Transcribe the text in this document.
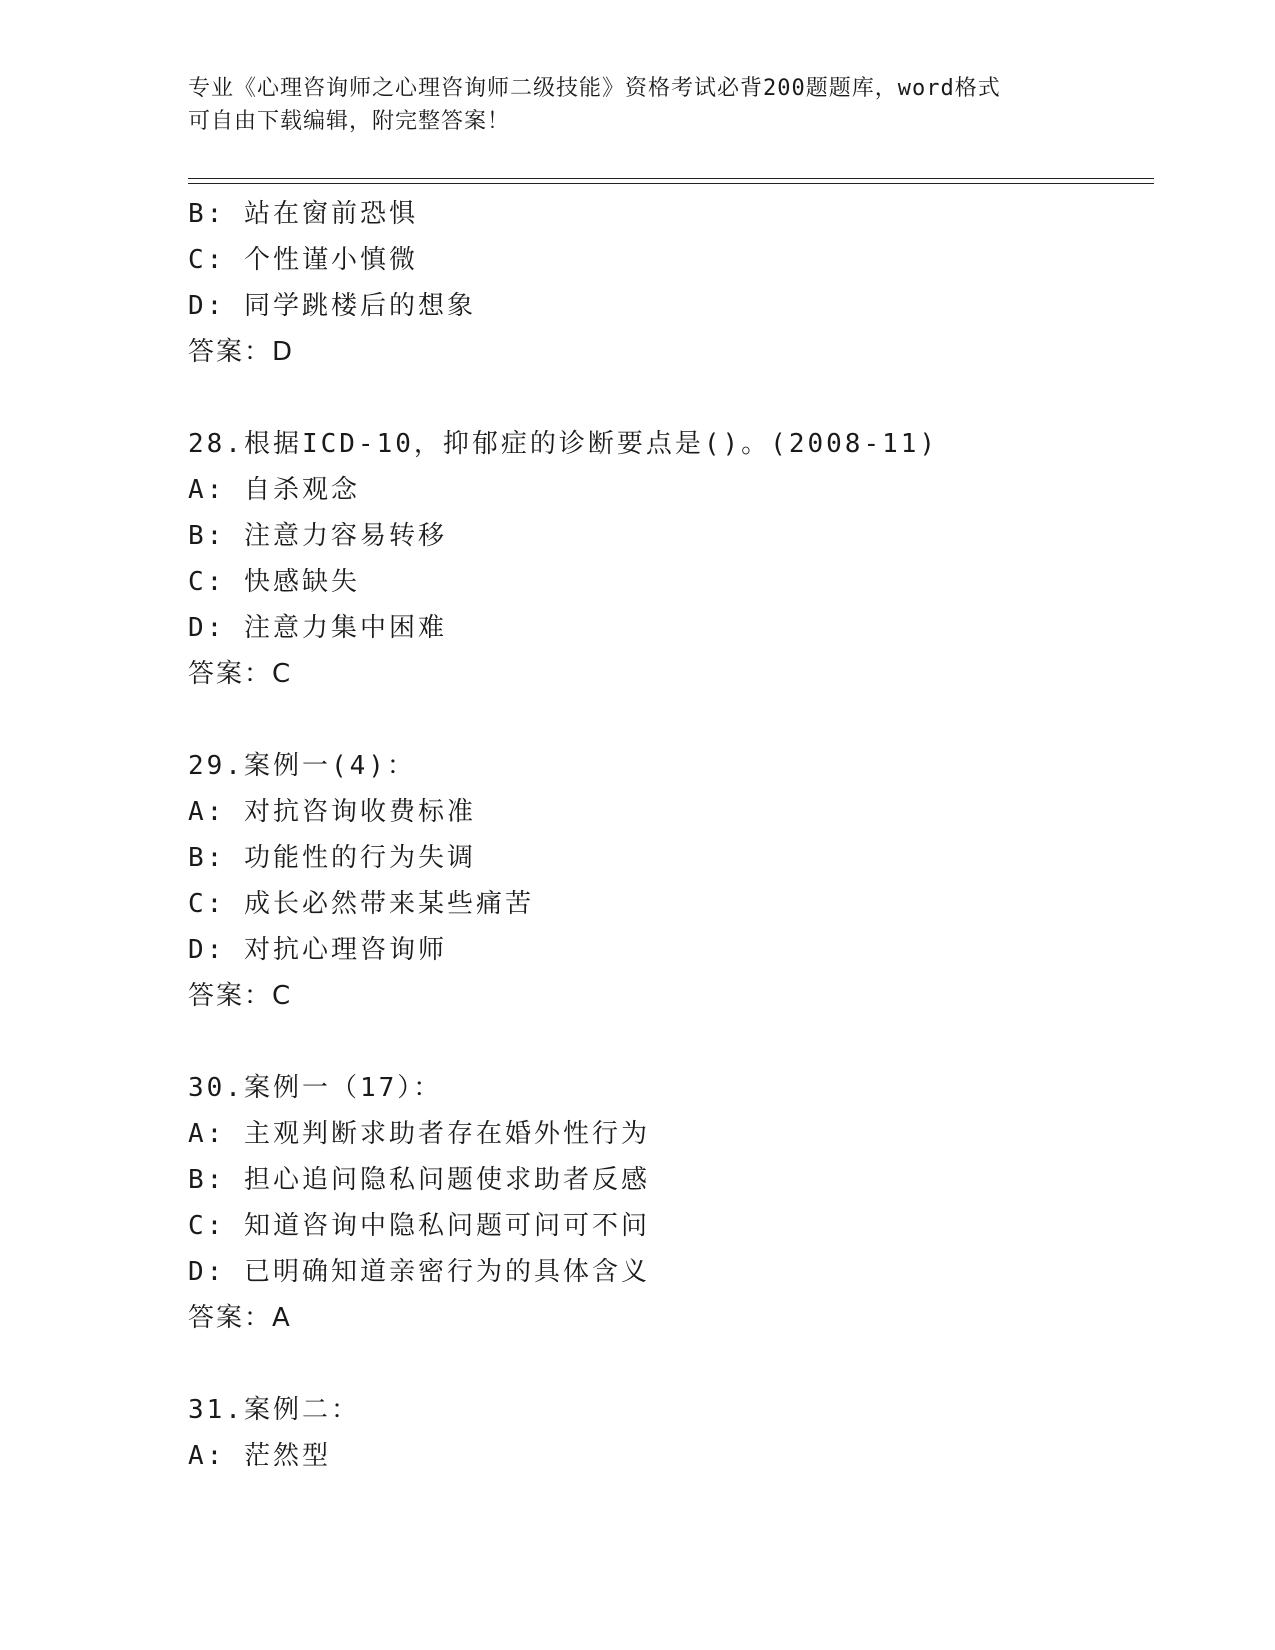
专业《心理咨询师之心理咨询师二级技能》资格考试必背200题题库，word格式
可自由下载编辑，附完整答案！
B: 站在窗前恐惧
C: 个性谨小慎微
D: 同学跳楼后的想象
答案：D
28.根据ICD-10，抑郁症的诊断要点是()。(2008-11)
A: 自杀观念
B: 注意力容易转移
C: 快感缺失
D: 注意力集中困难
答案：C
29.案例一(4)：
A: 对抗咨询收费标准
B: 功能性的行为失调
C: 成长必然带来某些痛苦
D: 对抗心理咨询师
答案：C
30.案例一（17）：
A: 主观判断求助者存在婚外性行为
B: 担心追问隐私问题使求助者反感
C: 知道咨询中隐私问题可问可不问
D: 已明确知道亲密行为的具体含义
答案：A
31.案例二：
A: 茫然型
